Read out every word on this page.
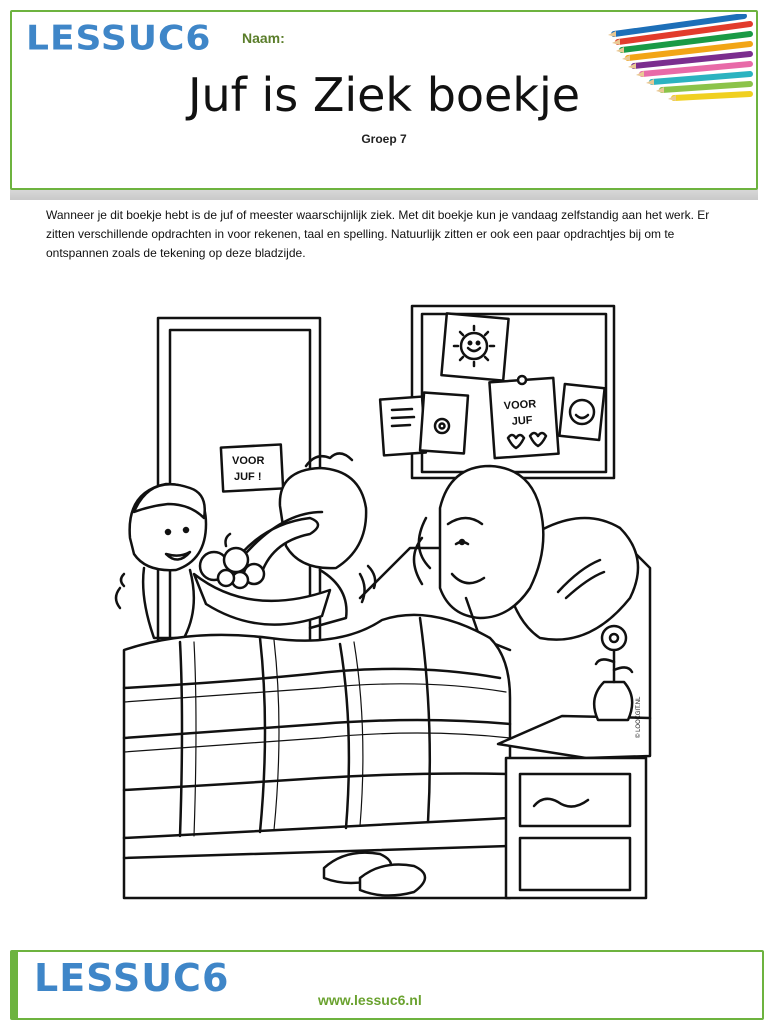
LESSUC6 Naam:
Juf is Ziek boekje
Groep 7
Wanneer je dit boekje hebt is de juf of meester waarschijnlijk ziek. Met dit boekje kun je vandaag zelfstandig aan het werk. Er zitten verschillende opdrachten in voor rekenen, taal en spelling. Natuurlijk zitten er ook een paar opdrachtjes bij om te ontspannen zoals de tekening op deze bladzijde.
VOOR
JUF
VOOR
JUF !
© LOOKGIT.NL
LESSUC6	www.lessuc6.nl
